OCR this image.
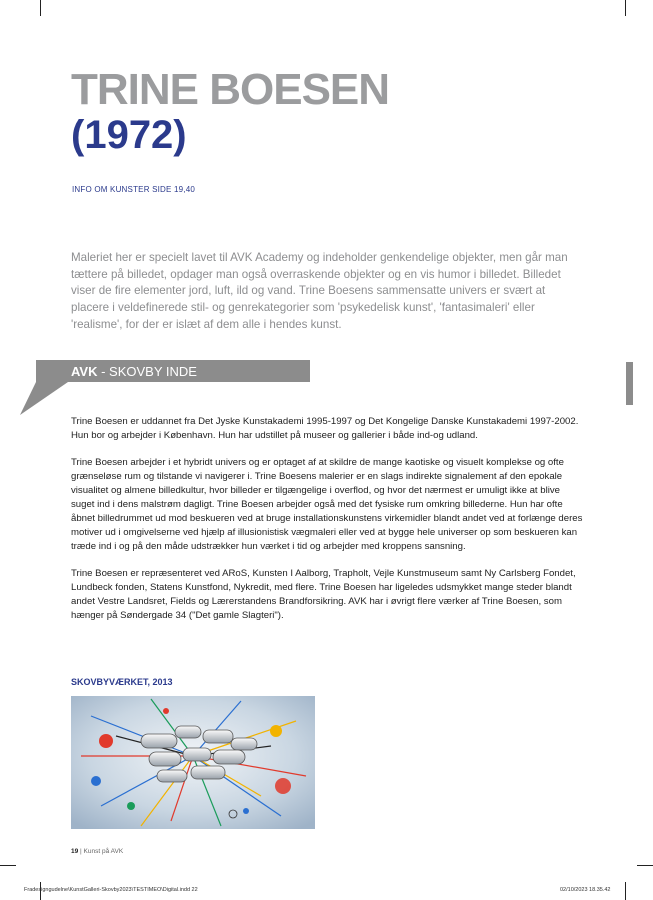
TRINE BOESEN
(1972)
INFO OM KUNSTER SIDE 19,40
Maleriet her er specielt lavet til AVK Academy og indeholder genkendelige objekter, men går man tættere på billedet, opdager man også overraskende objekter og en vis humor i billedet. Billedet viser de fire elementer jord, luft, ild og vand. Trine Boesens sammensatte univers er svært at placere i veldefinerede stil- og genrekategorier som 'psykedelisk kunst', 'fantasimaleri' eller 'realisme', for der er islæt af dem alle i hendes kunst.
AVK - SKOVBY INDE

Trine Boesen er uddannet fra Det Jyske Kunstakademi 1995-1997 og Det Kongelige Danske Kunstakademi 1997-2002. Hun bor og arbejder i København. Hun har udstillet på museer og gallerier i både ind-og udland.

Trine Boesen arbejder i et hybridt univers og er optaget af at skildre de mange kaotiske og visuelt komplekse og ofte grænseløse rum og tilstande vi navigerer i. Trine Boesens malerier er en slags indirekte signalement af den epokale visualitet og almene billedkultur, hvor billeder er tilgængelige i overflod, og hvor det nærmest er umuligt ikke at blive suget ind i dens malstrøm dagligt. Trine Boesen arbejder også med det fysiske rum omkring billederne. Hun har ofte åbnet billedrummet ud mod beskueren ved at bruge installationskunstens virkemidler blandt andet ved at forlænge deres motiver ud i omgivelserne ved hjælp af illusionistisk vægmaleri eller ved at bygge hele universer op som beskueren kan træde ind i og på den måde udstrækker hun værket i tid og arbejder med kroppens sansning.

Trine Boesen er repræsenteret ved ARoS, Kunsten I Aalborg, Trapholt, Vejle Kunstmuseum samt Ny Carlsberg Fondet, Lundbeck fonden, Statens Kunstfond, Nykredit, med flere. Trine Boesen har ligeledes udsmykket mange steder blandt andet Vestre Landsret, Fields og Lærerstandens Brandforsikring. AVK har i øvrigt flere værker af Trine Boesen, som hænger på Søndergade 34 ("Det gamle Slagteri").

SKOVBYVÆRKET, 2013
19 | Kunst på AVK
Fradesigngudelne\KunstGalleri-Skovby2023\TESTIMEO\Digital.indd 22	02/10/2023 18.35.42
